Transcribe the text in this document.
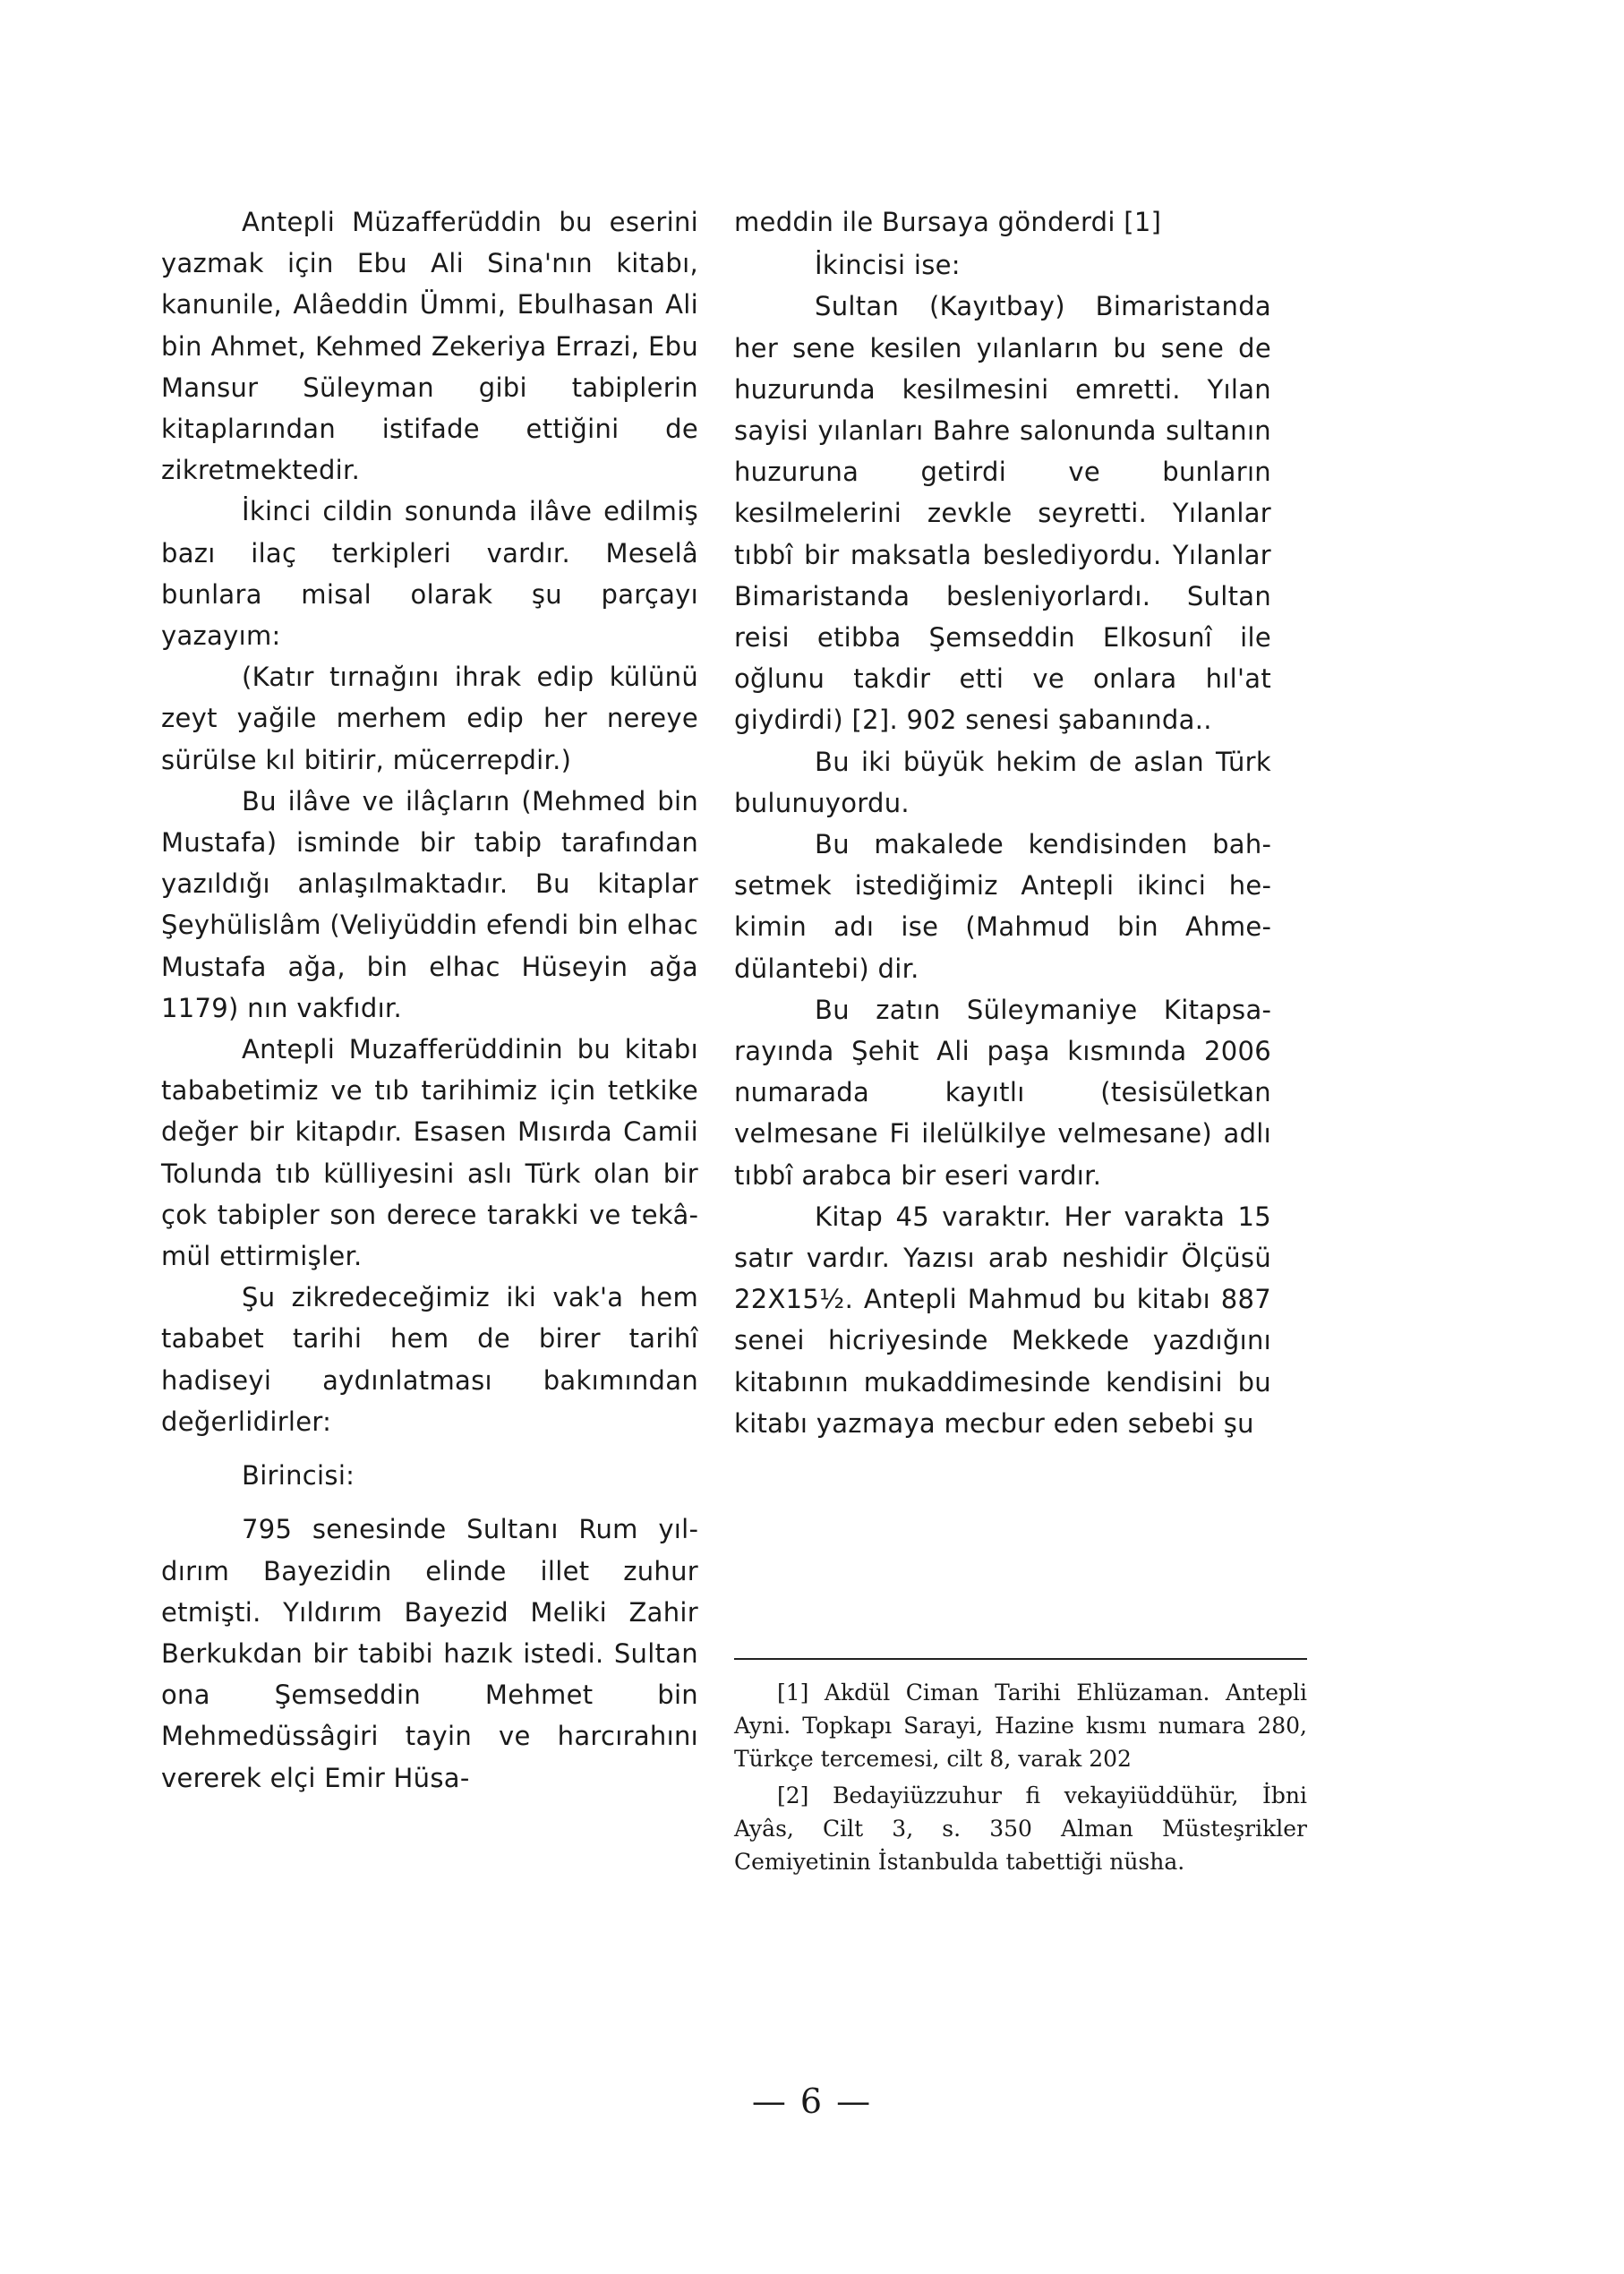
Antepli Müzafferüddin bu eserini yazmak için Ebu Ali Sina'nın kitabı, kanunile, Alâeddin Ümmi, Ebulhasan Ali bin Ahmet, Kehmed Zekeriya Errazi, Ebu Mansur Süleyman gibi tabiplerin kitaplarından istifade ettiğini de zikretmektedir.

İkinci cildin sonunda ilâve edilmiş bazı ilaç terkipleri vardır. Meselâ bunlara misal olarak şu parçayı yazayım:

(Katır tırnağını ihrak edip külünü zeyt yağile merhem edip her nereye sürülse kıl bitirir, mücerrepdir.)

Bu ilâve ve ilâçların (Mehmed bin Mustafa) isminde bir tabip tarafından yazıldığı anlaşılmaktadır. Bu kitaplar Şeyhülislâm (Veliyüddin efendi bin elhac Mustafa ağa, bin elhac Hüseyin ağa 1179) nın vakfıdır.

Antepli Muzafferüddinin bu kitabı tababetimiz ve tıb tarihimiz için tetkike değer bir kitapdır. Esasen Mısırda Camii Tolunda tıb külliyesini aslı Türk olan bir çok tabipler son derece tarakki ve tekâmül ettirmişler.

Şu zikredeceğimiz iki vak'a hem tababet tarihi hem de birer tarihî hadiseyi aydınlatması bakımından değerlidirler:

Birincisi:

795 senesinde Sultanı Rum yıldırım Bayezidin elinde illet zuhur etmişti. Yıldırım Bayezid Meliki Zahir Berkukdan bir tabibi hazık istedi. Sultan ona Şemseddin Mehmet bin Mehmedüssâgiri tayin ve harcırahını vererek elçi Emir Hüsa-

meddin ile Bursaya gönderdi [1]

İkincisi ise:

Sultan (Kayıtbay) Bimaristanda her sene kesilen yılanların bu sene de huzurunda kesilmesini emretti. Yılan sayisi yılanları Bahre salonunda sultanın huzuruna getirdi ve bunların kesilmelerini zevkle seyretti. Yılanlar tıbbî bir maksatla beslediyordu. Yılanlar Bimaristanda besleniyorlardı. Sultan reisi etibba Şemseddin Elkosunî ile oğlunu takdir etti ve onlara hıl'at giydirdi) [2]. 902 senesi şabanında..

Bu iki büyük hekim de aslan Türk bulunuyordu.

Bu makalede kendisinden bahsetmek istediğimiz Antepli ikinci hekimin adı ise (Mahmud bin Ahmedülantebi) dir.

Bu zatın Süleymaniye Kitapsarayında Şehit Ali paşa kısmında 2006 numarada kayıtlı (tesisületkan velmesane Fi ilelülkilye velmesane) adlı tıbbî arabca bir eseri vardır.

Kitap 45 varaktır. Her varakta 15 satır vardır. Yazısı arab neshidir Ölçüsü 22X15½. Antepli Mahmud bu kitabı 887 senei hicriyesinde Mekkede yazdığını kitabının mukaddimesinde kendisini bu kitabı yazmaya mecbur eden sebebi şu

[1] Akdül Ciman Tarihi Ehlüzaman. Antepli Ayni. Topkapı Sarayi, Hazine kısmı numara 280, Türkçe tercemesi, cilt 8, varak 202

[2] Bedayiüzzuhur fi vekayiüddühür, İbni Ayâs, Cilt 3, s. 350 Alman Müsteşrikler Cemiyetinin İstanbulda tabettiği nüsha.

— 6 —
